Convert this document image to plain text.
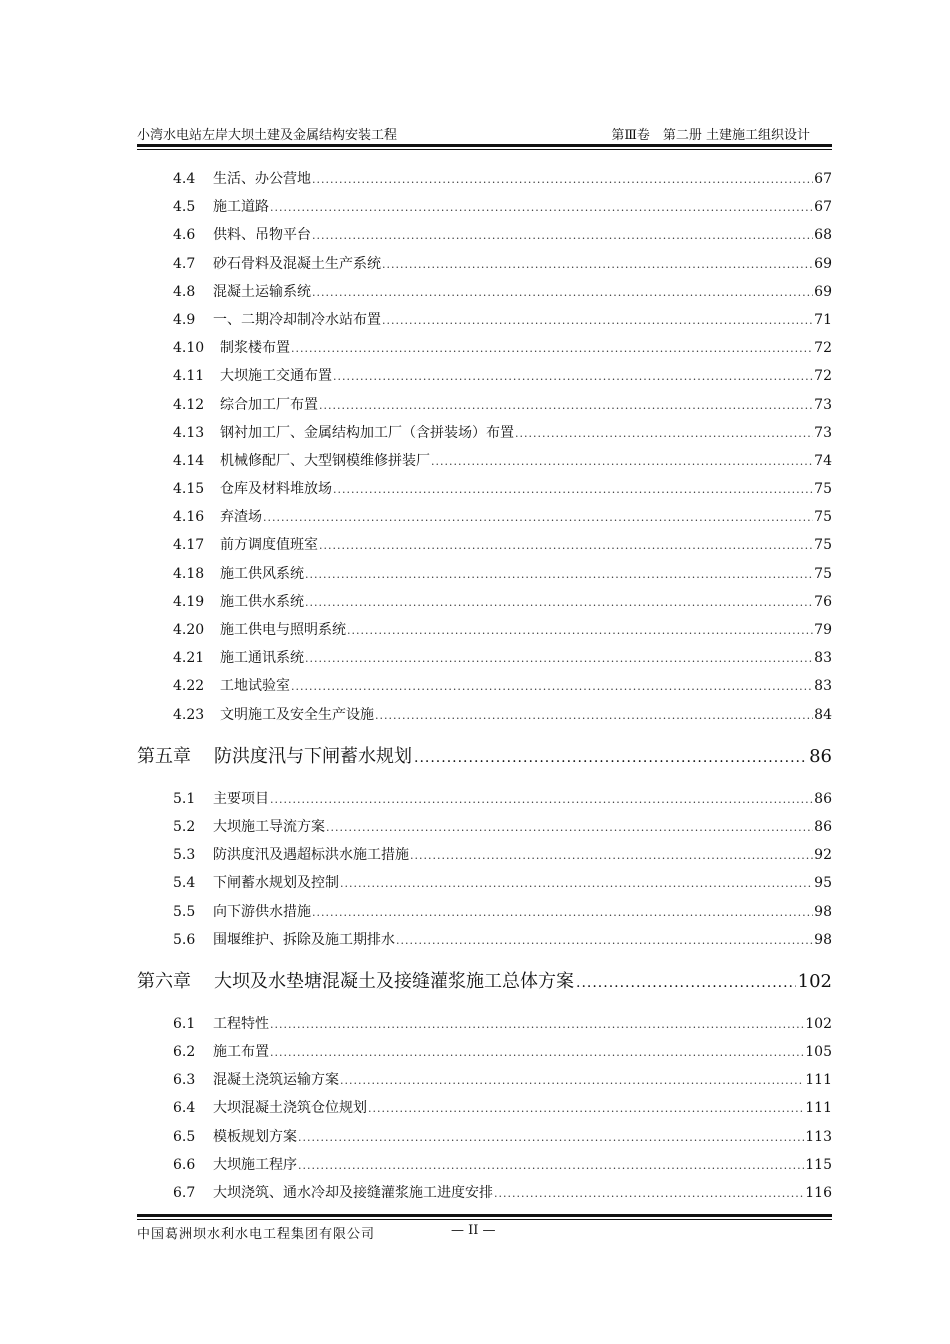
小湾水电站左岸大坝土建及金属结构安装工程	第Ⅲ卷　第二册 土建施工组织设计
4.4	生活、办公营地 .....	67
4.5	施工道路 .....	67
4.6	供料、吊物平台 .....	68
4.7	砂石骨料及混凝土生产系统 .....	69
4.8	混凝土运输系统 .....	69
4.9	一、二期冷却制冷水站布置 .....	71
4.10	制浆楼布置 .....	72
4.11	大坝施工交通布置 .....	72
4.12	综合加工厂布置 .....	73
4.13	钢衬加工厂、金属结构加工厂（含拼装场）布置 .....	73
4.14	机械修配厂、大型钢模维修拼装厂 .....	74
4.15	仓库及材料堆放场 .....	75
4.16	弃渣场 .....	75
4.17	前方调度值班室 .....	75
4.18	施工供风系统 .....	75
4.19	施工供水系统 .....	76
4.20	施工供电与照明系统 .....	79
4.21	施工通讯系统 .....	83
4.22	工地试验室 .....	83
4.23	文明施工及安全生产设施 .....	84
第五章	防洪度汛与下闸蓄水规划 .....	86
5.1	主要项目 .....	86
5.2	大坝施工导流方案 .....	86
5.3	防洪度汛及遇超标洪水施工措施 .....	92
5.4	下闸蓄水规划及控制 .....	95
5.5	向下游供水措施 .....	98
5.6	围堰维护、拆除及施工期排水 .....	98
第六章	大坝及水垫塘混凝土及接缝灌浆施工总体方案 .....	102
6.1	工程特性 .....	102
6.2	施工布置 .....	105
6.3	混凝土浇筑运输方案 .....	111
6.4	大坝混凝土浇筑仓位规划 .....	111
6.5	模板规划方案 .....	113
6.6	大坝施工程序 .....	115
6.7	大坝浇筑、通水冷却及接缝灌浆施工进度安排 .....	116
中国葛洲坝水利水电工程集团有限公司	— II —
